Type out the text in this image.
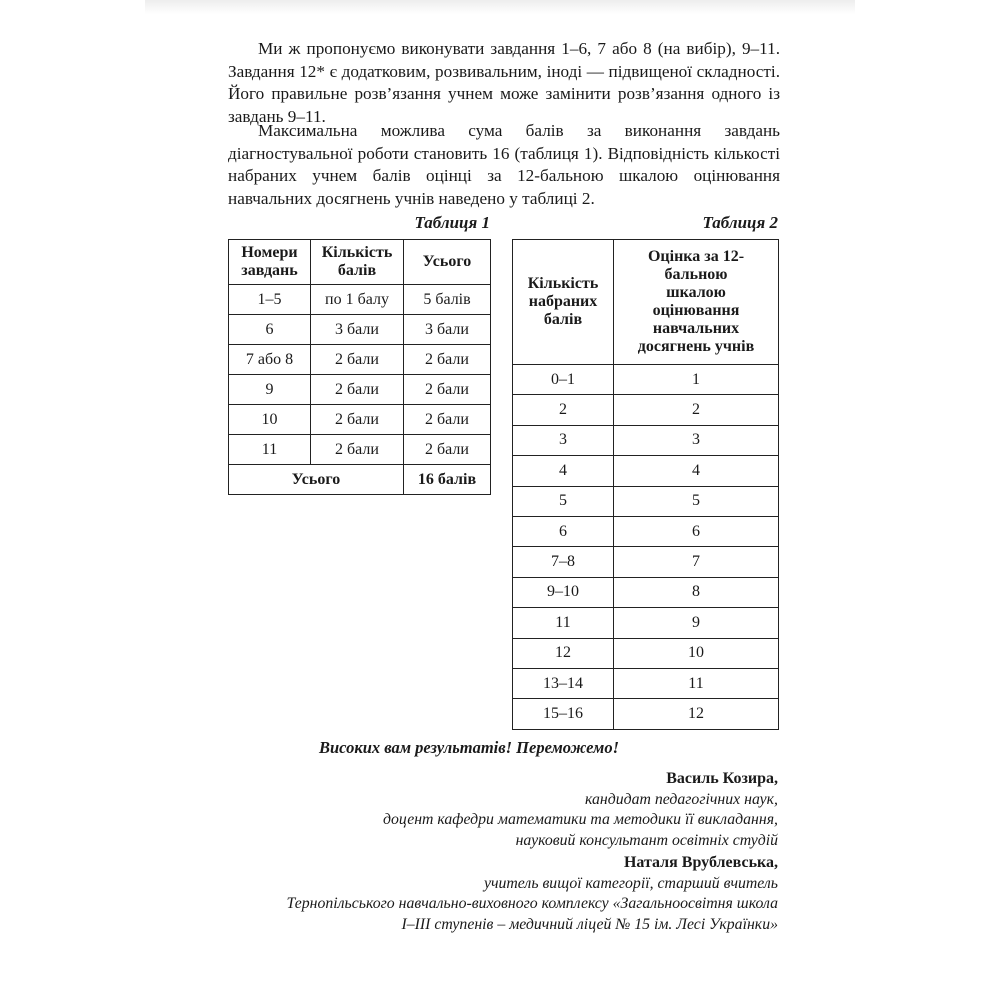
Ми ж пропонуємо виконувати завдання 1–6, 7 або 8 (на вибір), 9–11. Завдання 12* є додатковим, розвивальним, іноді — підвищеної складності. Його правильне розв’язання учнем може замінити розв’язання одного із завдань 9–11.

Максимальна можлива сума балів за виконання завдань діагностувальної роботи становить 16 (таблиця 1). Відповідність кількості набраних учнем балів оцінці за 12-бальною шкалою оцінювання навчальних досягнень учнів наведено у таблиці 2.

Таблиця 1	Таблиця 2
Номери завдань	Кількість балів	Усього
1–5	по 1 балу	5 балів
6	3 бали	3 бали
7 або 8	2 бали	2 бали
9	2 бали	2 бали
10	2 бали	2 бали
11	2 бали	2 бали
Усього		16 балів
Кількість набраних балів	Оцінка за 12-бальною шкалою оцінювання навчальних досягнень учнів
0–1	1
2	2
3	3
4	4
5	5
6	6
7–8	7
9–10	8
11	9
12	10
13–14	11
15–16	12
Високих вам результатів! Переможемо!
Василь Козира,
кандидат педагогічних наук,
доцент кафедри математики та методики її викладання,
науковий консультант освітніх студій
Наталя Врублевська,
учитель вищої категорії, старший вчитель
Тернопільського навчально-виховного комплексу «Загальноосвітня школа
І–ІІІ ступенів – медичний ліцей № 15 ім. Лесі Українки»
